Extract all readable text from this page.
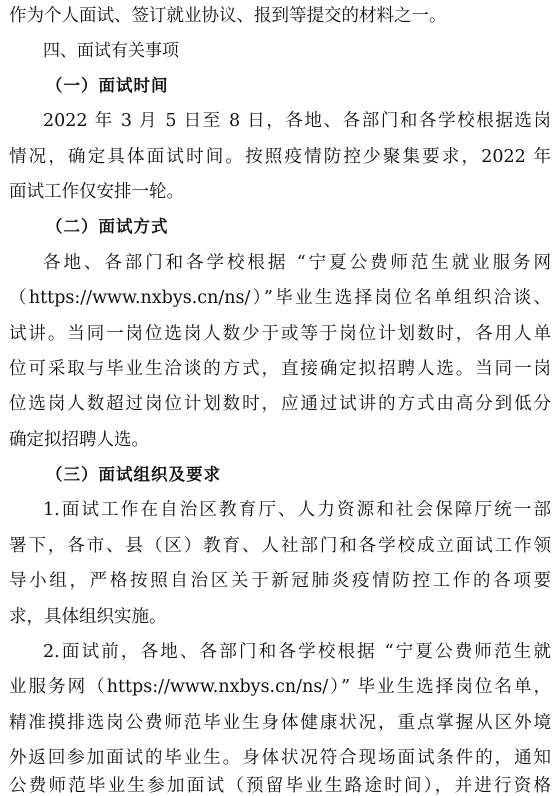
作为个人面试、签订就业协议、报到等提交的材料之一。
四、面试有关事项
（一）面试时间
2022 年 3 月 5 日至 8 日，各地、各部门和各学校根据选岗
情况，确定具体面试时间。按照疫情防控少聚集要求，2022 年
面试工作仅安排一轮。
（二）面试方式
各地、各部门和各学校根据 “宁夏公费师范生就业服务网
（https://www.nxbys.cn/ns/）”毕业生选择岗位名单组织洽谈、
试讲。当同一岗位选岗人数少于或等于岗位计划数时，各用人单
位可采取与毕业生洽谈的方式，直接确定拟招聘人选。当同一岗
位选岗人数超过岗位计划数时，应通过试讲的方式由高分到低分
确定拟招聘人选。
（三）面试组织及要求
1.面试工作在自治区教育厅、人力资源和社会保障厅统一部
署下，各市、县（区）教育、人社部门和各学校成立面试工作领
导小组，严格按照自治区关于新冠肺炎疫情防控工作的各项要
求，具体组织实施。
2.面试前，各地、各部门和各学校根据 “宁夏公费师范生就
业服务网（https://www.nxbys.cn/ns/）” 毕业生选择岗位名单，
精准摸排选岗公费师范毕业生身体健康状况，重点掌握从区外境
外返回参加面试的毕业生。身体状况符合现场面试条件的，通知
公费师范毕业生参加面试（预留毕业生路途时间），并进行资格
